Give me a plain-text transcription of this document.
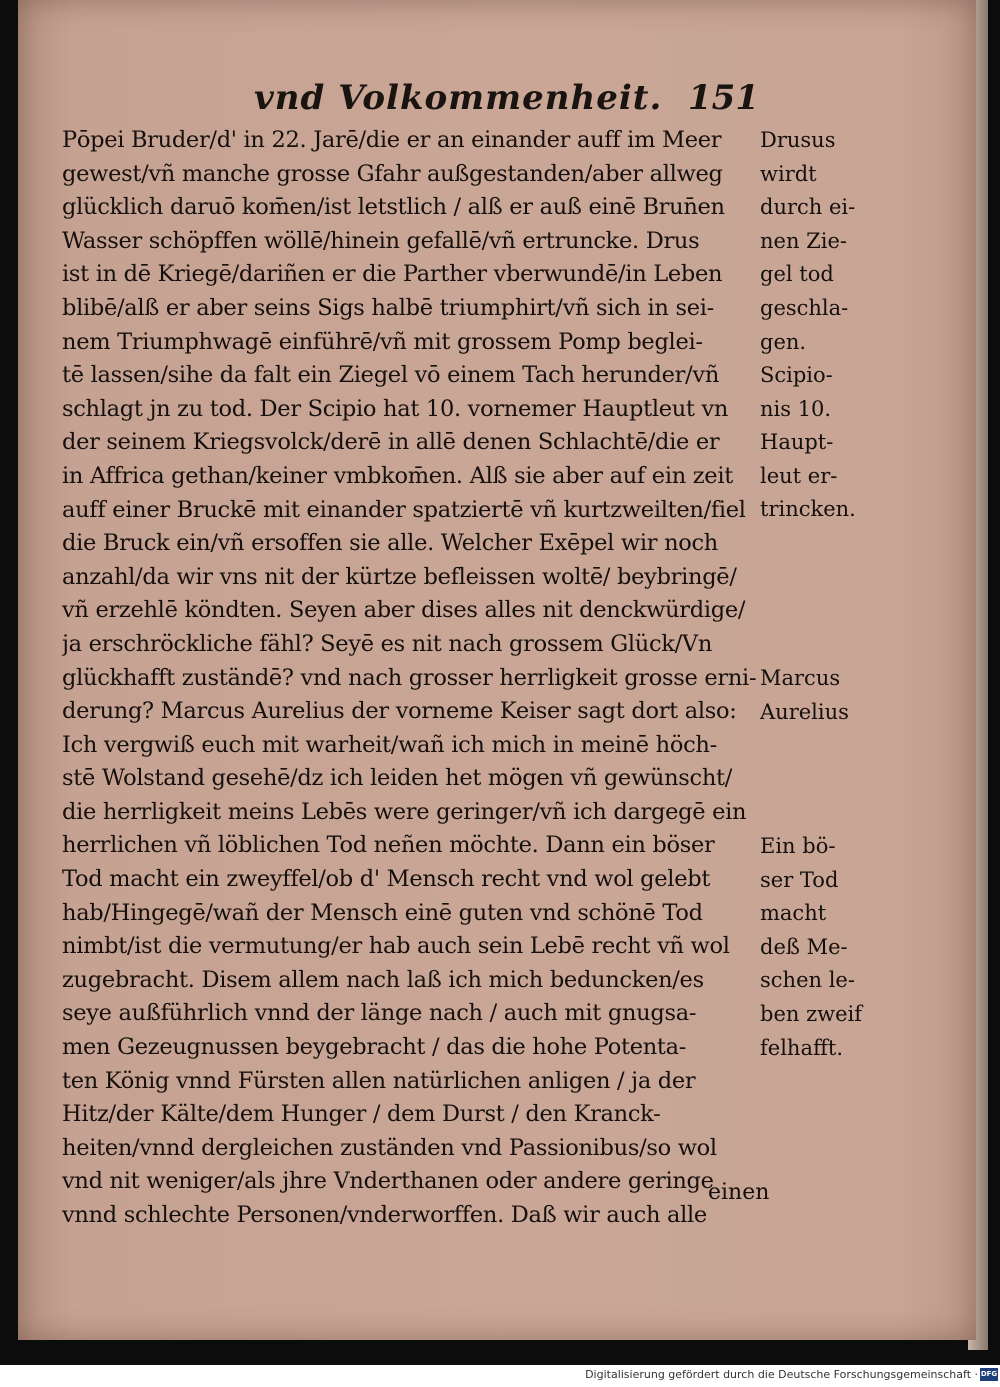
vnd Volkommenheit. 151
Pōpei Bruder/d' in 22. Jarē/die er an einander auff im Meer
gewest/vñ manche grosse Gfahr außgestanden/aber allweg
glücklich daruō kom̄en/ist letstlich / alß er auß einē Brun̄en
Wasser schöpffen wöllē/hinein gefallē/vñ ertruncke. Drus
ist in dē Kriegē/dariñen er die Parther vberwundē/in Leben
blibē/alß er aber seins Sigs halbē triumphirt/vñ sich in sei-
nem Triumphwagē einführē/vñ mit grossem Pomp beglei-
tē lassen/sihe da falt ein Ziegel vō einem Tach herunder/vñ
schlagt jn zu tod. Der Scipio hat 10. vornemer Hauptleut vn
der seinem Kriegsvolck/derē in allē denen Schlachtē/die er
in Affrica gethan/keiner vmbkom̄en. Alß sie aber auf ein zeit
auff einer Bruckē mit einander spatziertē vñ kurtzweilten/fiel
die Bruck ein/vñ ersoffen sie alle. Welcher Exēpel wir noch
anzahl/da wir vns nit der kürtze beflеissen woltē/ beybringē/
vñ erzehlē köndten. Seyen aber dises alles nit denckwürdige/
ja erschröckliche fähl? Seyē es nit nach grossem Glück/Vn
glückhafft zuständē? vnd nach grosser herrligkeit grosse erni-
derung? Marcus Aurelius der vorneme Keiser sagt dort also:
Ich vergwiß euch mit warheit/wañ ich mich in meinē höch-
stē Wolstand gesehē/dz ich leiden het mögen vñ gewünscht/
die herrligkeit meins Lebēs were geringer/vñ ich dargegē ein
herrlichen vñ löblichen Tod neñen möchte. Dann ein böser
Tod macht ein zweyffel/ob d' Mensch recht vnd wol gelebt
hab/Hingegē/wañ der Mensch einē guten vnd schönē Tod
nimbt/ist die vermutung/er hab auch sein Lebē recht vñ wol
zugebracht. Disem allem nach laß ich mich beduncken/es
seye außführlich vnnd der länge nach / auch mit gnugsa-
men Gezeugnussen beygebracht / das die hohe Potenta-
ten König vnnd Fürsten allen natürlichen anligen / ja der
Hitz/der Kälte/dem Hunger / dem Durst / den Kranck-
heiten/vnnd dergleichen zuständen vnd Passionibus/so wol
vnd nit weniger/als jhre Vnderthanen oder andere geringe
vnnd schlechte Personen/vnderworffen. Daß wir auch alle
Drusus
wirdt
durch ei-
nen Zie-
gel tod
geschla-
gen.
Scipio-
nis 10.
Haupt-
leut er-
trincken.
Marcus
Aurelius
Ein bö-
ser Tod
macht
deß Me-
schen le-
ben zweif
felhafft.
einen
Digitalisierung gefördert durch die Deutsche Forschungsgemeinschaft · DFG
